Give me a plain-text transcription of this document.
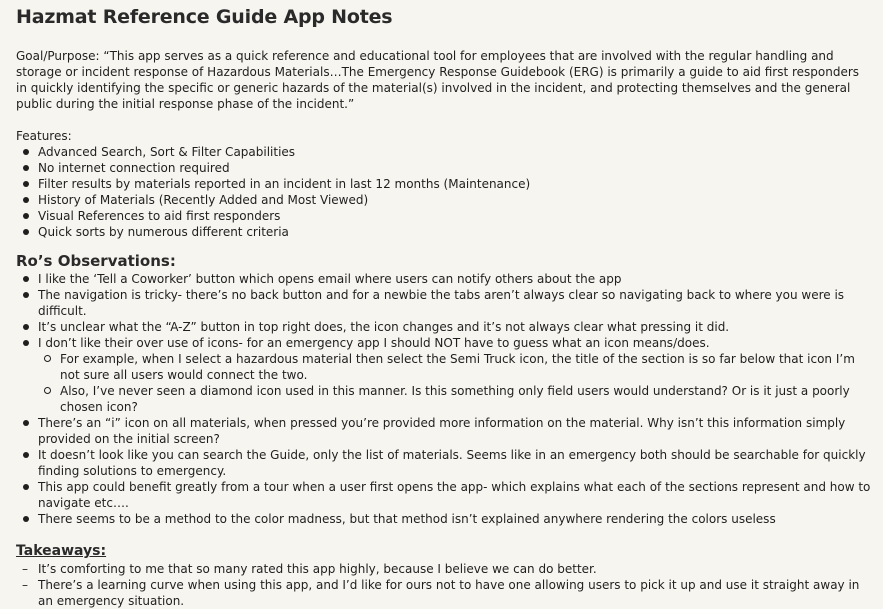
Hazmat Reference Guide App Notes

Goal/Purpose: “This app serves as a quick reference and educational tool for employees that are involved with the regular handling and storage or incident response of Hazardous Materials…The Emergency Response Guidebook (ERG) is primarily a guide to aid first responders in quickly identifying the specific or generic hazards of the material(s) involved in the incident, and protecting themselves and the general public during the initial response phase of the incident.”

Features:
Advanced Search, Sort & Filter Capabilities
No internet connection required
Filter results by materials reported in an incident in last 12 months (Maintenance)
History of Materials (Recently Added and Most Viewed)
Visual References to aid first responders
Quick sorts by numerous different criteria
Ro’s Observations:
I like the ‘Tell a Coworker’ button which opens email where users can notify others about the app
The navigation is tricky- there’s no back button and for a newbie the tabs aren’t always clear so navigating back to where you were is difficult.
It’s unclear what the “A-Z” button in top right does, the icon changes and it’s not always clear what pressing it did.
I don’t like their over use of icons- for an emergency app I should NOT have to guess what an icon means/does.
For example, when I select a hazardous material then select the Semi Truck icon, the title of the section is so far below that icon I’m not sure all users would connect the two.
Also, I’ve never seen a diamond icon used in this manner. Is this something only field users would understand? Or is it just a poorly chosen icon?
There’s an “i” icon on all materials, when pressed you’re provided more information on the material. Why isn’t this information simply provided on the initial screen?
It doesn’t look like you can search the Guide, only the list of materials. Seems like in an emergency both should be searchable for quickly finding solutions to emergency.
This app could benefit greatly from a tour when a user first opens the app- which explains what each of the sections represent and how to navigate etc….
There seems to be a method to the color madness, but that method isn’t explained anywhere rendering the colors useless
Takeaways:
– It’s comforting to me that so many rated this app highly, because I believe we can do better.
– There’s a learning curve when using this app, and I’d like for ours not to have one allowing users to pick it up and use it straight away in an emergency situation.
